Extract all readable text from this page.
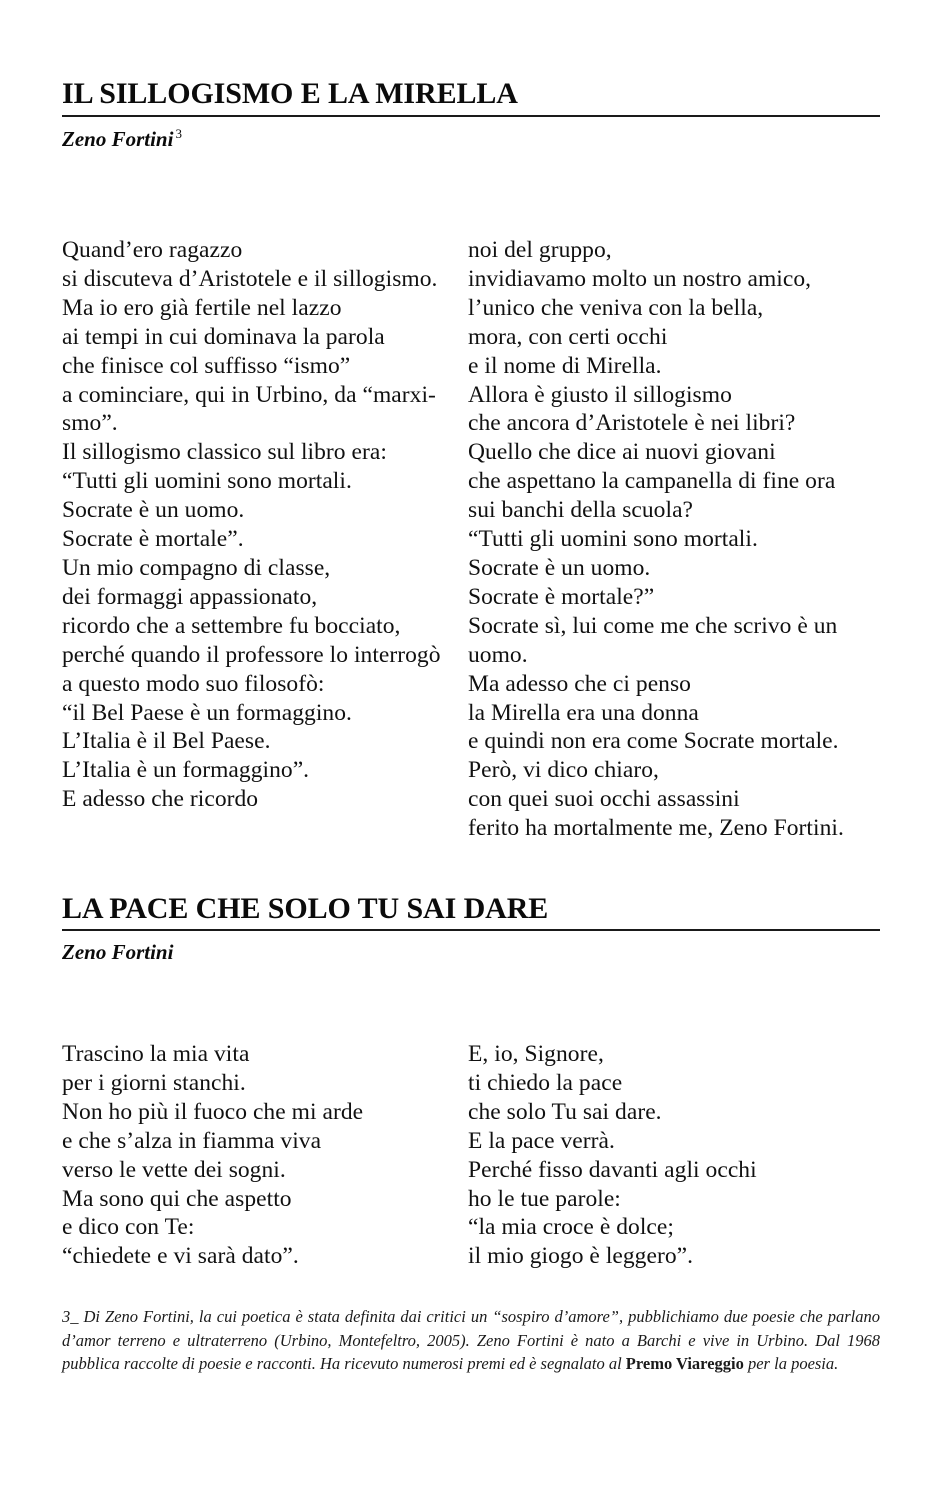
IL SILLOGISMO E LA MIRELLA

Zeno Fortini $^3$

Quand’ero ragazzo
si discuteva d’Aristotele e il sillogismo.
Ma io ero già fertile nel lazzo
ai tempi in cui dominava la parola
che finisce col suffisso “ismo”
a cominciare, qui in Urbino, da “marxi-
smo”.
Il sillogismo classico sul libro era:
“Tutti gli uomini sono mortali.
Socrate è un uomo.
Socrate è mortale”.
Un mio compagno di classe,
dei formaggi appassionato,
ricordo che a settembre fu bocciato,
perché quando il professore lo interrogò
a questo modo suo filosofò:
“il Bel Paese è un formaggino.
L’Italia è il Bel Paese.
L’Italia è un formaggino”.
E adesso che ricordo
noi del gruppo,
invidiavamo molto un nostro amico,
l’unico che veniva con la bella,
mora, con certi occhi
e il nome di Mirella.
Allora è giusto il sillogismo
che ancora d’Aristotele è nei libri?
Quello che dice ai nuovi giovani
che aspettano la campanella di fine ora
sui banchi della scuola?
“Tutti gli uomini sono mortali.
Socrate è un uomo.
Socrate è mortale?”
Socrate sì, lui come me che scrivo è un
uomo.
Ma adesso che ci penso
la Mirella era una donna
e quindi non era come Socrate mortale.
Però, vi dico chiaro,
con quei suoi occhi assassini
ferito ha mortalmente me, Zeno Fortini.
LA PACE CHE SOLO TU SAI DARE

Zeno Fortini

Trascino la mia vita
per i giorni stanchi.
Non ho più il fuoco che mi arde
e che s’alza in fiamma viva
verso le vette dei sogni.
Ma sono qui che aspetto
e dico con Te:
“chiedete e vi sarà dato”.
E, io, Signore,
ti chiedo la pace
che solo Tu sai dare.
E la pace verrà.
Perché fisso davanti agli occhi
ho le tue parole:
“la mia croce è dolce;
il mio giogo è leggero”.
3_ Di Zeno Fortini, la cui poetica è stata definita dai critici un “sospiro d’amore”, pubblichiamo due poesie che parlano d’amor terreno e ultraterreno (Urbino, Montefeltro, 2005). Zeno Fortini è nato a Barchi e vive in Urbino. Dal 1968 pubblica raccolte di poesie e racconti. Ha ricevuto numerosi premi ed è segnalato al Premo Viareggio per la poesia.
